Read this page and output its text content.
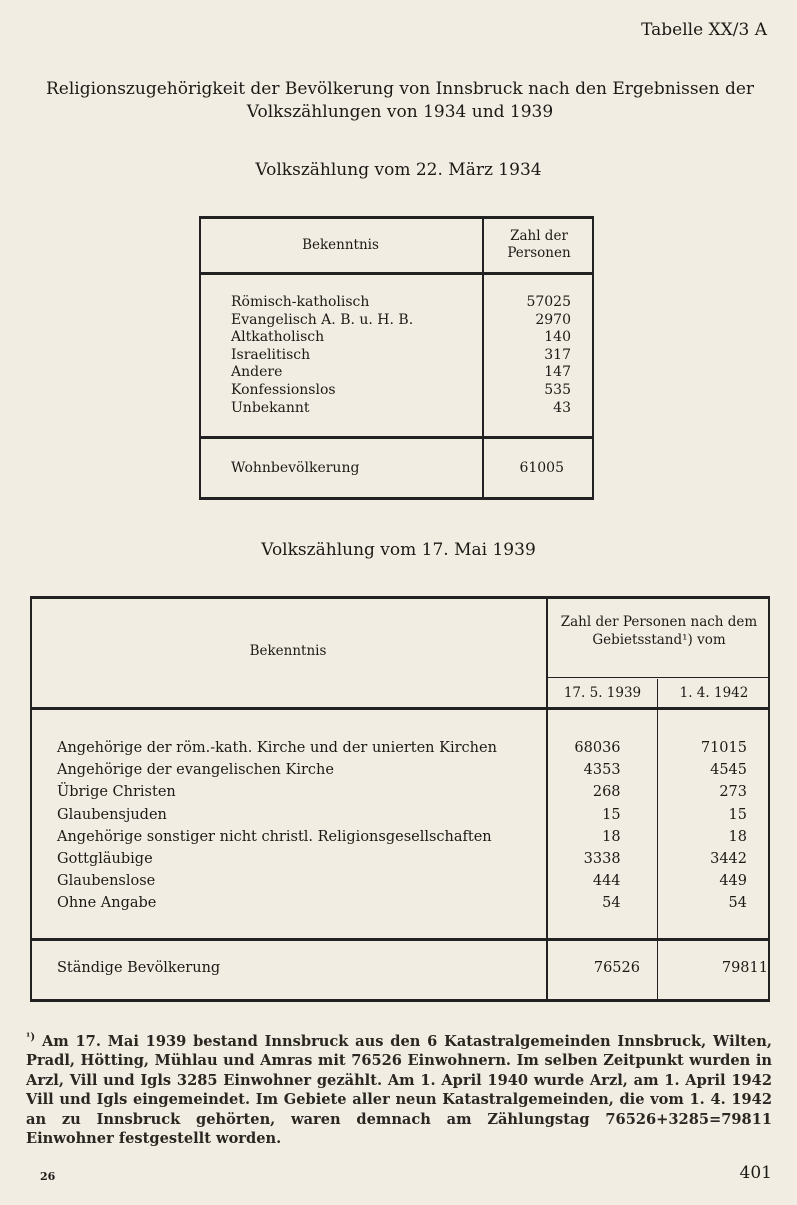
Tabelle XX/3 A
Religionszugehörigkeit der Bevölkerung von Innsbruck nach den Ergebnissen der Volkszählungen von 1934 und 1939
Volkszählung vom 22. März 1934
Bekenntnis
Zahl der Personen
Römisch-katholisch	57025
Evangelisch A. B. u. H. B.	2970
Altkatholisch	140
Israelitisch	317
Andere	147
Konfessionslos	535
Unbekannt	43
Wohnbevölkerung	61005
Volkszählung vom 17. Mai 1939
Bekenntnis
Zahl der Personen nach dem Gebietsstand¹) vom
17. 5. 1939	1. 4. 1942
Angehörige der röm.-kath. Kirche und der unierten Kirchen	68036	71015
Angehörige der evangelischen Kirche	4353	4545
Übrige Christen	268	273
Glaubensjuden	15	15
Angehörige sonstiger nicht christl. Religionsgesellschaften	18	18
Gottgläubige	3338	3442
Glaubenslose	444	449
Ohne Angabe	54	54
Ständige Bevölkerung	76526	79811
$^{^1)}$ Am 17. Mai 1939 bestand Innsbruck aus den 6 Katastralgemeinden Innsbruck, Wilten, Pradl, Hötting, Mühlau und Amras mit 76526 Einwohnern. Im selben Zeitpunkt wurden in Arzl, Vill und Igls 3285 Einwohner gezählt. Am 1. April 1940 wurde Arzl, am 1. April 1942 Vill und Igls eingemeindet. Im Gebiete aller neun Katastralgemeinden, die vom 1. 4. 1942 an zu Innsbruck gehörten, waren demnach am Zählungstag 76526+3285=79811 Einwohner festgestellt worden.
26	401
